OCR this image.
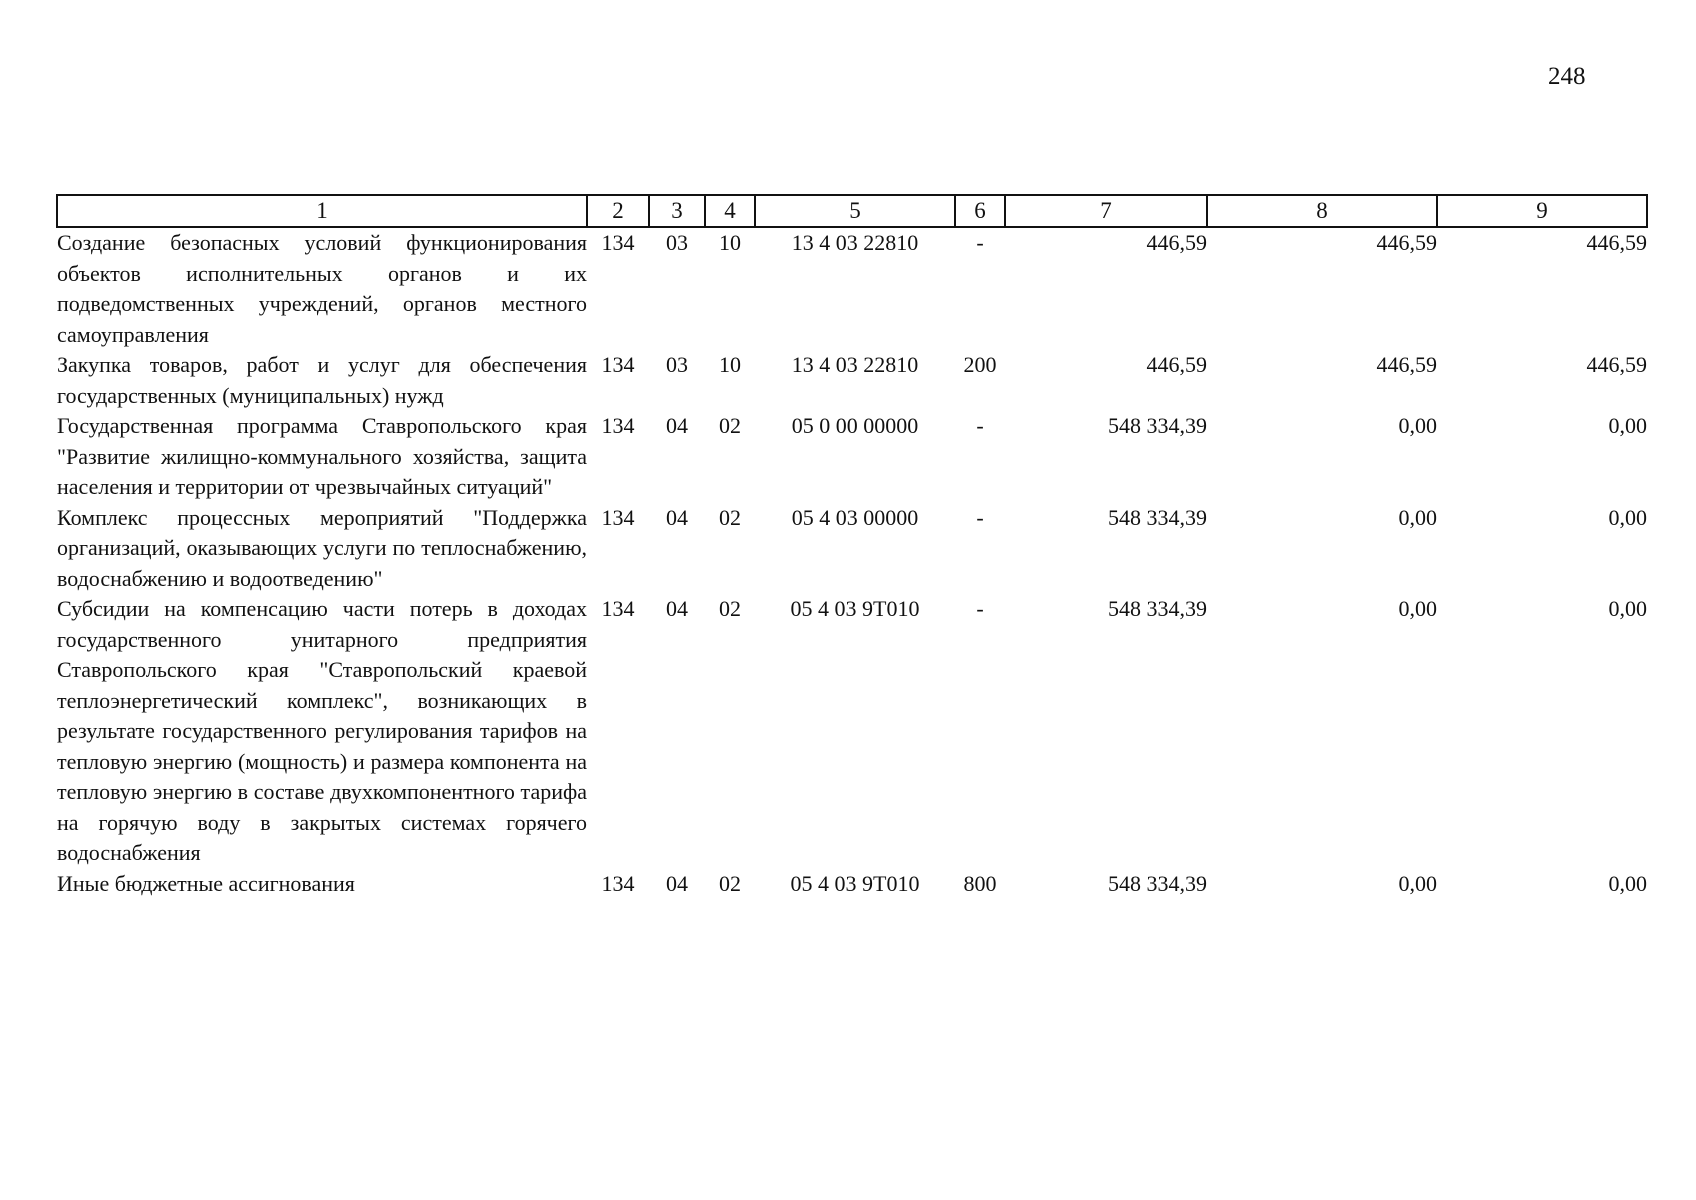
248
1	2	3	4	5	6	7	8	9
Создание безопасных условий функционирования объектов исполнительных органов и их подведомственных учреждений, органов местного самоуправления	134	03	10	13 4 03 22810	-	446,59	446,59	446,59
Закупка товаров, работ и услуг для обеспечения государственных (муниципальных) нужд	134	03	10	13 4 03 22810	200	446,59	446,59	446,59
Государственная программа Ставропольского края "Развитие жилищно-коммунального хозяйства, защита населения и территории от чрезвычайных ситуаций"	134	04	02	05 0 00 00000	-	548 334,39	0,00	0,00
Комплекс процессных мероприятий "Поддержка организаций, оказывающих услуги по теплоснабжению, водоснабжению и водоотведению"	134	04	02	05 4 03 00000	-	548 334,39	0,00	0,00
Субсидии на компенсацию части потерь в доходах государственного унитарного предприятия Ставропольского края "Ставропольский краевой теплоэнергетический комплекс", возникающих в результате государственного регулирования тарифов на тепловую энергию (мощность) и размера компонента на тепловую энергию в составе двухкомпонентного тарифа на горячую воду в закрытых системах горячего водоснабжения	134	04	02	05 4 03 9Т010	-	548 334,39	0,00	0,00
Иные бюджетные ассигнования	134	04	02	05 4 03 9Т010	800	548 334,39	0,00	0,00
